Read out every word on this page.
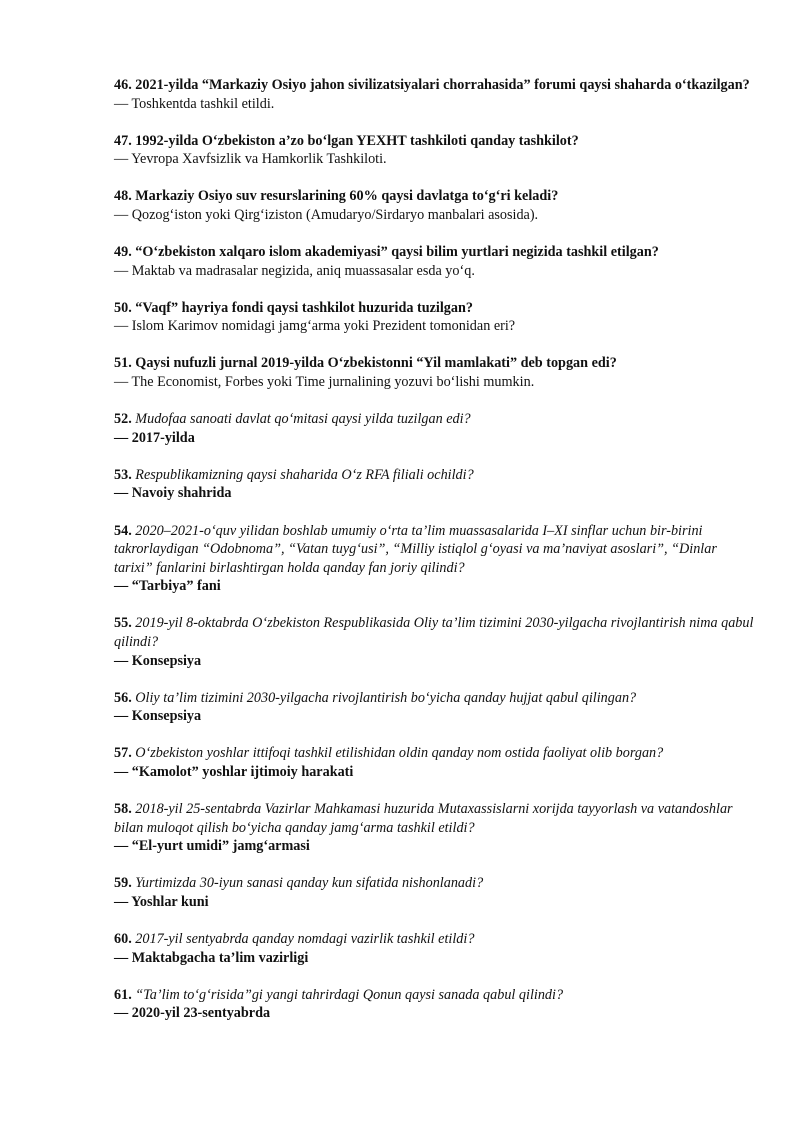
46. 2021-yilda “Markaziy Osiyo jahon sivilizatsiyalari chorrahasida” forumi qaysi shaharda oʻtkazilgan?
— Toshkentda tashkil etildi.
47. 1992-yilda Oʻzbekiston a’zo boʻlgan YEXHT tashkiloti qanday tashkilot?
— Yevropa Xavfsizlik va Hamkorlik Tashkiloti.
48. Markaziy Osiyo suv resurslarining 60% qaysi davlatga toʻgʻri keladi?
— Qozogʻiston yoki Qirgʻiziston (Amudaryo/Sirdaryo manbalari asosida).
49. “Oʻzbekiston xalqaro islom akademiyasi” qaysi bilim yurtlari negizida tashkil etilgan?
— Maktab va madrasalar negizida, aniq muassasalar esda yoʻq.
50. “Vaqf” hayriya fondi qaysi tashkilot huzurida tuzilgan?
— Islom Karimov nomidagi jamgʻarma yoki Prezident tomonidan eri?
51. Qaysi nufuzli jurnal 2019-yilda Oʻzbekistonni “Yil mamlakati” deb topgan edi?
— The Economist, Forbes yoki Time jurnalining yozuvi boʻlishi mumkin.
52. Mudofaa sanoati davlat qoʻmitasi qaysi yilda tuzilgan edi?
— 2017-yilda
53. Respublikamizning qaysi shaharida Oʻz RFA filiali ochildi?
— Navoiy shahrida
54. 2020–2021-oʻquv yilidan boshlab umumiy oʻrta ta’lim muassasalarida I–XI sinflar uchun bir-birini takrorlaydigan “Odobnoma”, “Vatan tuygʻusi”, “Milliy istiqlol gʻoyasi va ma’naviyat asoslari”, “Dinlar tarixi” fanlarini birlashtirgan holda qanday fan joriy qilindi?
— “Tarbiya” fani
55. 2019-yil 8-oktabrda Oʻzbekiston Respublikasida Oliy ta’lim tizimini 2030-yilgacha rivojlantirish nima qabul qilindi?
— Konsepsiya
56. Oliy ta’lim tizimini 2030-yilgacha rivojlantirish boʻyicha qanday hujjat qabul qilingan?
— Konsepsiya
57. Oʻzbekiston yoshlar ittifoqi tashkil etilishidan oldin qanday nom ostida faoliyat olib borgan?
— “Kamolot” yoshlar ijtimoiy harakati
58. 2018-yil 25-sentabrda Vazirlar Mahkamasi huzurida Mutaxassislarni xorijda tayyorlash va vatandoshlar bilan muloqot qilish boʻyicha qanday jamgʻarma tashkil etildi?
— “El-yurt umidi” jamgʻarmasi
59. Yurtimizda 30-iyun sanasi qanday kun sifatida nishonlanadi?
— Yoshlar kuni
60. 2017-yil sentyabrda qanday nomdagi vazirlik tashkil etildi?
— Maktabgacha ta’lim vazirligi
61. “Ta’lim toʻgʻrisida”gi yangi tahrirdagi Qonun qaysi sanada qabul qilindi?
— 2020-yil 23-sentyabrda
